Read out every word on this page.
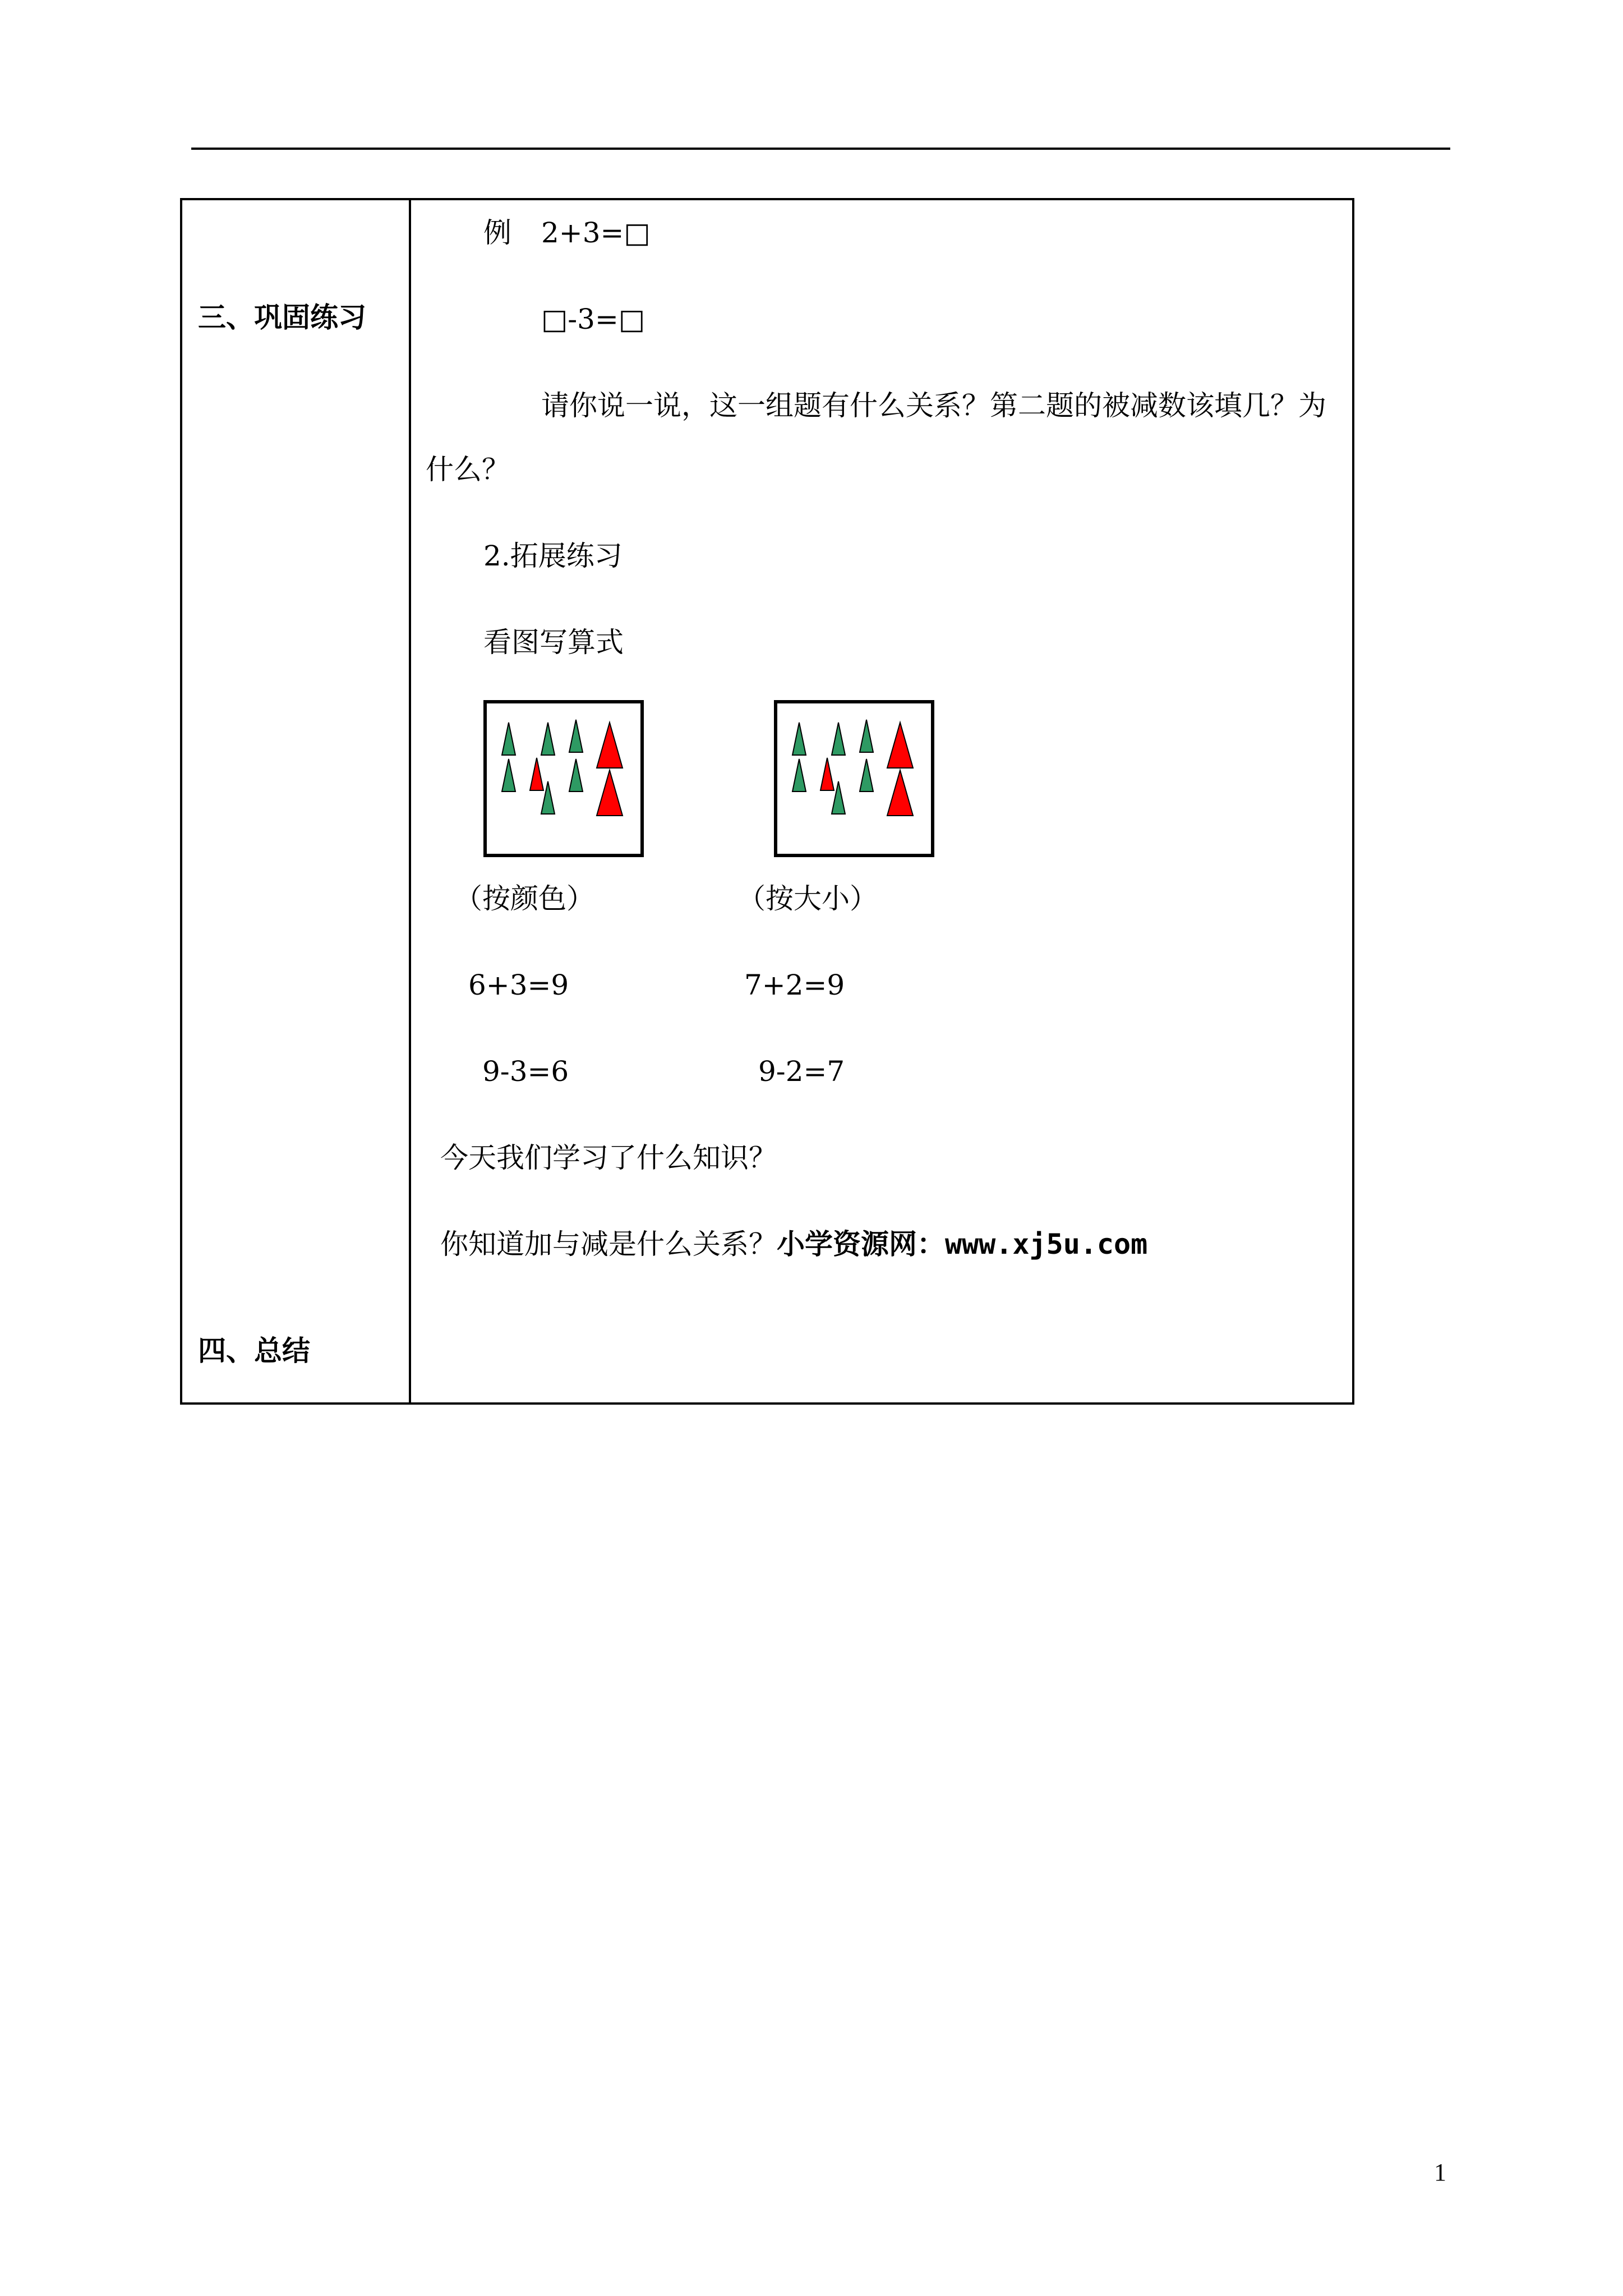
三、巩固练习
四、总结
例 2+3=□
□-3=□
请你说一说，这一组题有什么关系？第二题的被减数该填几？为
什么？
2.拓展练习
看图写算式
（按颜色）	（按大小）
6+3=9	7+2=9
9-3=6	9-2=7
今天我们学习了什么知识？
你知道加与减是什么关系？小学资源网：www.xj5u.com
1
